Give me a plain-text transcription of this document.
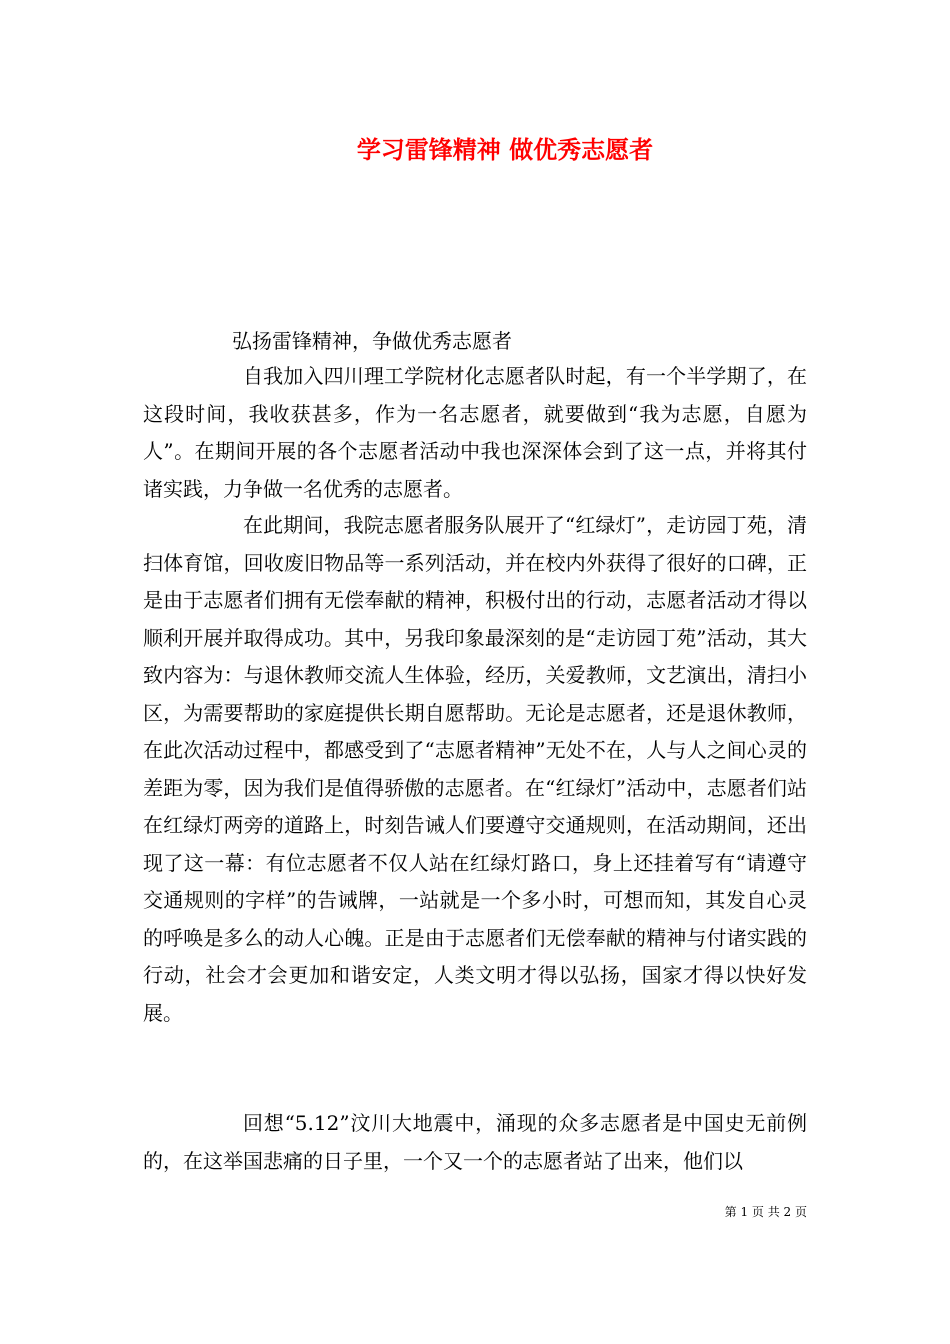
学习雷锋精神 做优秀志愿者
弘扬雷锋精神，争做优秀志愿者

自我加入四川理工学院材化志愿者队时起，有一个半学期了，在这段时间，我收获甚多，作为一名志愿者，就要做到“我为志愿，自愿为人”。在期间开展的各个志愿者活动中我也深深体会到了这一点，并将其付诸实践，力争做一名优秀的志愿者。

在此期间，我院志愿者服务队展开了“红绿灯”，走访园丁苑，清扫体育馆，回收废旧物品等一系列活动，并在校内外获得了很好的口碑，正是由于志愿者们拥有无偿奉献的精神，积极付出的行动，志愿者活动才得以顺利开展并取得成功。其中，另我印象最深刻的是“走访园丁苑”活动，其大致内容为：与退休教师交流人生体验，经历，关爱教师，文艺演出，清扫小区，为需要帮助的家庭提供长期自愿帮助。无论是志愿者，还是退休教师，在此次活动过程中，都感受到了“志愿者精神”无处不在，人与人之间心灵的差距为零，因为我们是值得骄傲的志愿者。在“红绿灯”活动中，志愿者们站在红绿灯两旁的道路上，时刻告诫人们要遵守交通规则，在活动期间，还出现了这一幕：有位志愿者不仅人站在红绿灯路口，身上还挂着写有“请遵守交通规则的字样”的告诫牌，一站就是一个多小时，可想而知，其发自心灵的呼唤是多么的动人心魄。正是由于志愿者们无偿奉献的精神与付诸实践的行动，社会才会更加和谐安定，人类文明才得以弘扬，国家才得以快好发展。

回想“5.12”汶川大地震中，涌现的众多志愿者是中国史无前例的，在这举国悲痛的日子里，一个又一个的志愿者站了出来，他们以

第 1 页 共 2 页
